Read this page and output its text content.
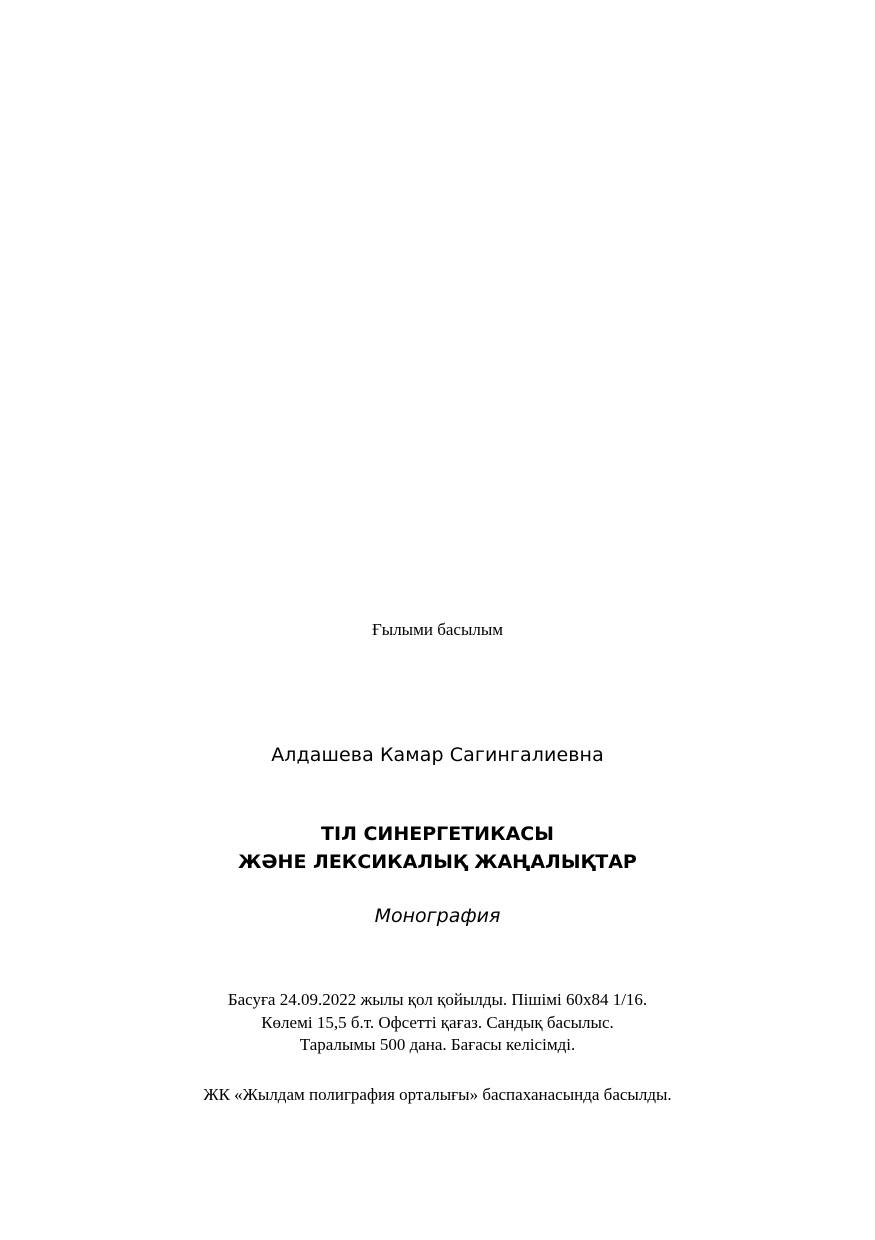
Ғылыми басылым
Алдашева Камар Сагингалиевна
ТІЛ СИНЕРГЕТИКАСЫ
ЖӘНЕ ЛЕКСИКАЛЫҚ ЖАҢАЛЫҚТАР
Монография
Басуға 24.09.2022 жылы қол қойылды. Пішімі 60х84 1/16.
Көлемі 15,5 б.т. Офсетті қағаз. Сандық басылыс.
Таралымы 500 дана. Бағасы келісімді.
ЖК «Жылдам полиграфия орталығы» баспаханасында басылды.
